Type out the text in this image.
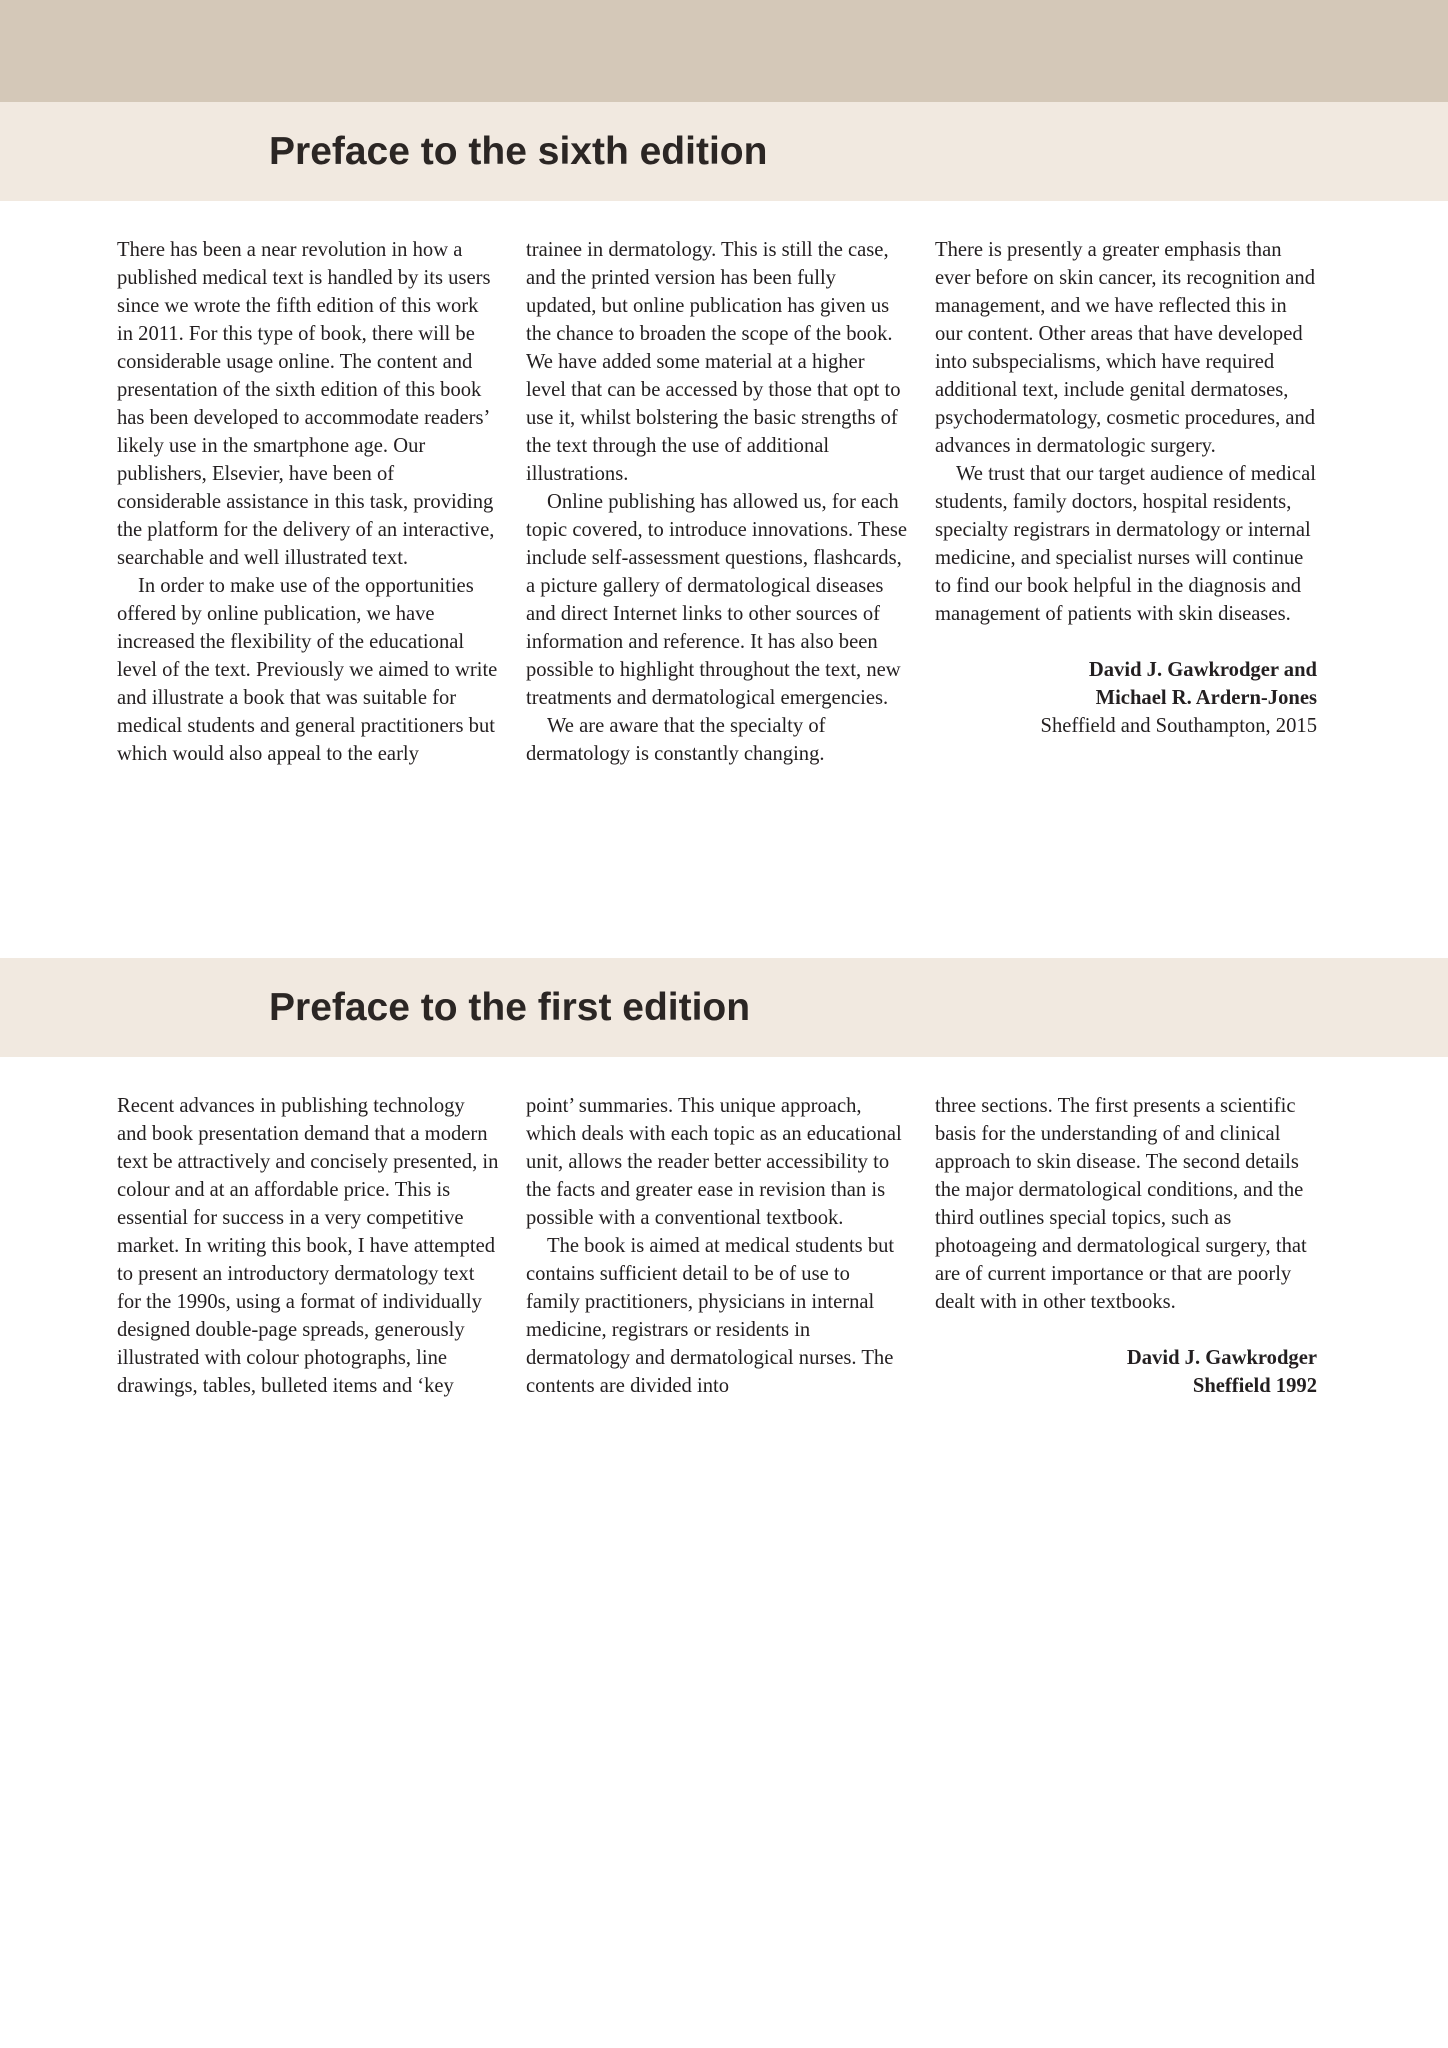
Preface to the sixth edition

There has been a near revolution in how a published medical text is handled by its users since we wrote the fifth edition of this work in 2011. For this type of book, there will be considerable usage online. The content and presentation of the sixth edition of this book has been developed to accommodate readers’ likely use in the smartphone age. Our publishers, Elsevier, have been of considerable assistance in this task, providing the platform for the delivery of an interactive, searchable and well illustrated text.

In order to make use of the opportunities offered by online publication, we have increased the flexibility of the educational level of the text. Previously we aimed to write and illustrate a book that was suitable for medical students and general practitioners but which would also appeal to the early

trainee in dermatology. This is still the case, and the printed version has been fully updated, but online publication has given us the chance to broaden the scope of the book. We have added some material at a higher level that can be accessed by those that opt to use it, whilst bolstering the basic strengths of the text through the use of additional illustrations.

Online publishing has allowed us, for each topic covered, to introduce innovations. These include self-assessment questions, flashcards, a picture gallery of dermatological diseases and direct Internet links to other sources of information and reference. It has also been possible to highlight throughout the text, new treatments and dermatological emergencies.

We are aware that the specialty of dermatology is constantly changing.

There is presently a greater emphasis than ever before on skin cancer, its recognition and management, and we have reflected this in our content. Other areas that have developed into subspecialisms, which have required additional text, include genital dermatoses, psychodermatology, cosmetic procedures, and advances in dermatologic surgery.

We trust that our target audience of medical students, family doctors, hospital residents, specialty registrars in dermatology or internal medicine, and specialist nurses will continue to find our book helpful in the diagnosis and management of patients with skin diseases.

David J. Gawkrodger and
Michael R. Ardern-Jones
Sheffield and Southampton, 2015
Preface to the first edition

Recent advances in publishing technology and book presentation demand that a modern text be attractively and concisely presented, in colour and at an affordable price. This is essential for success in a very competitive market. In writing this book, I have attempted to present an introductory dermatology text for the 1990s, using a format of individually designed double-page spreads, generously illustrated with colour photographs, line drawings, tables, bulleted items and ‘key

point’ summaries. This unique approach, which deals with each topic as an educational unit, allows the reader better accessibility to the facts and greater ease in revision than is possible with a conventional textbook.

The book is aimed at medical students but contains sufficient detail to be of use to family practitioners, physicians in internal medicine, registrars or residents in dermatology and dermatological nurses. The contents are divided into

three sections. The first presents a scientific basis for the understanding of and clinical approach to skin disease. The second details the major dermatological conditions, and the third outlines special topics, such as photoageing and dermatological surgery, that are of current importance or that are poorly dealt with in other textbooks.

David J. Gawkrodger
Sheffield 1992
